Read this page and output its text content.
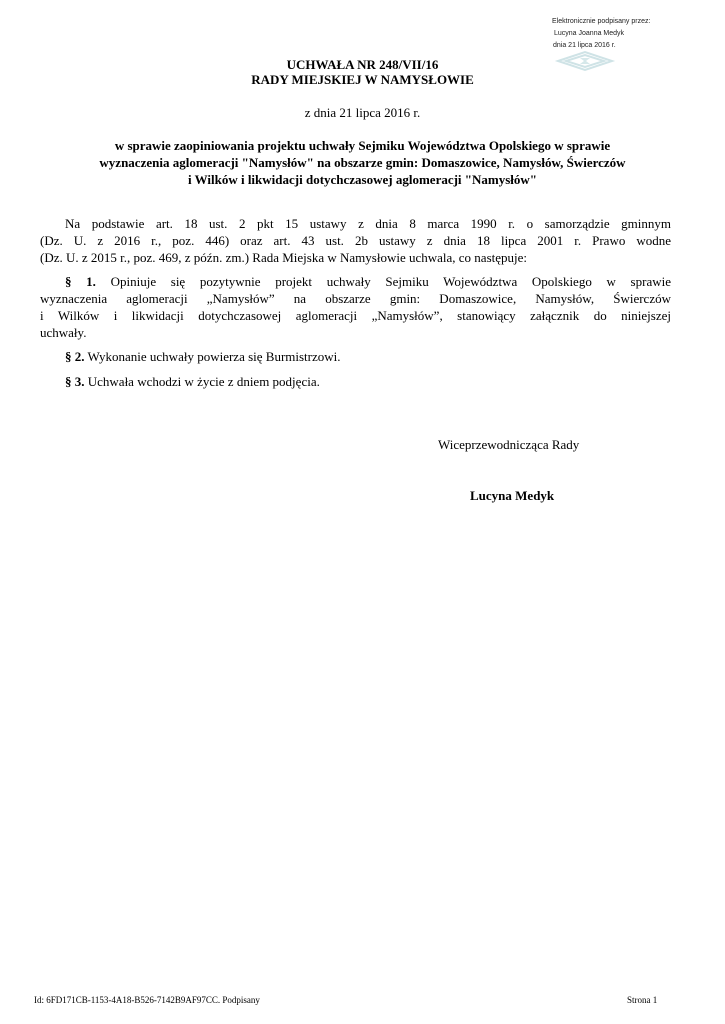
Elektronicznie podpisany przez:
Lucyna Joanna Medyk
dnia 21 lipca 2016 r.
UCHWAŁA NR 248/VII/16
RADY MIEJSKIEJ W NAMYSŁOWIE
z dnia 21 lipca 2016 r.
w sprawie zaopiniowania projektu uchwały Sejmiku Województwa Opolskiego w sprawie
wyznaczenia aglomeracji "Namysłów" na obszarze gmin: Domaszowice, Namysłów, Świerczów
i Wilków i likwidacji dotychczasowej aglomeracji "Namysłów"
Na podstawie art. 18 ust. 2 pkt 15 ustawy z dnia 8 marca 1990 r. o samorządzie gminnym
(Dz. U. z 2016 r., poz. 446) oraz art. 43 ust. 2b ustawy z dnia 18 lipca 2001 r. Prawo wodne
(Dz. U. z 2015 r., poz. 469, z późn. zm.) Rada Miejska w Namysłowie uchwala, co następuje:
§ 1. Opiniuje się pozytywnie projekt uchwały Sejmiku Województwa Opolskiego w sprawie
wyznaczenia aglomeracji „Namysłów” na obszarze gmin: Domaszowice, Namysłów, Świerczów
i Wilków i likwidacji dotychczasowej aglomeracji „Namysłów”, stanowiący załącznik do niniejszej
uchwały.
§ 2. Wykonanie uchwały powierza się Burmistrzowi.
§ 3. Uchwała wchodzi w życie z dniem podjęcia.
Wiceprzewodnicząca Rady
Lucyna Medyk
Id: 6FD171CB-1153-4A18-B526-7142B9AF97CC. Podpisany	Strona 1
